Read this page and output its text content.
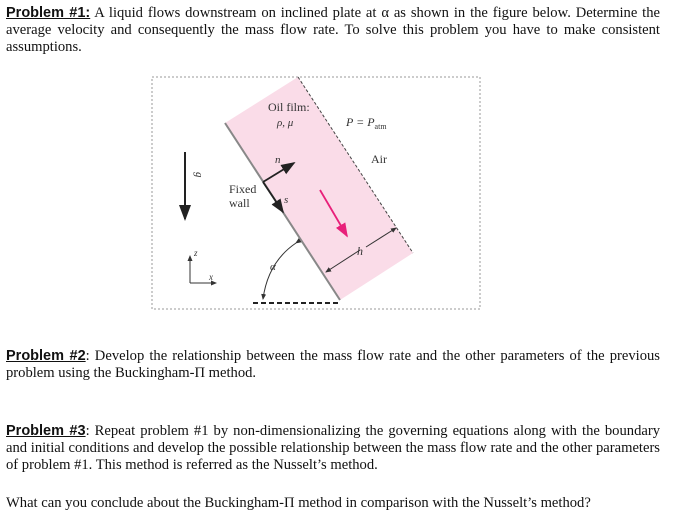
Problem #1: A liquid flows downstream on inclined plate at α as shown in the figure below. Determine the average velocity and consequently the mass flow rate. To solve this problem you have to make consistent assumptions.
Oil film:
ρ, μ	$P = P_{atm}$
Air
Fixed
wall
n
s
g
h
α
z
x
Problem #2: Develop the relationship between the mass flow rate and the other parameters of the previous problem using the Buckingham-Π method.
Problem #3: Repeat problem #1 by non-dimensionalizing the governing equations along with the boundary and initial conditions and develop the possible relationship between the mass flow rate and the other parameters of problem #1. This method is referred as the Nusselt’s method.
What can you conclude about the Buckingham-Π method in comparison with the Nusselt’s method?
